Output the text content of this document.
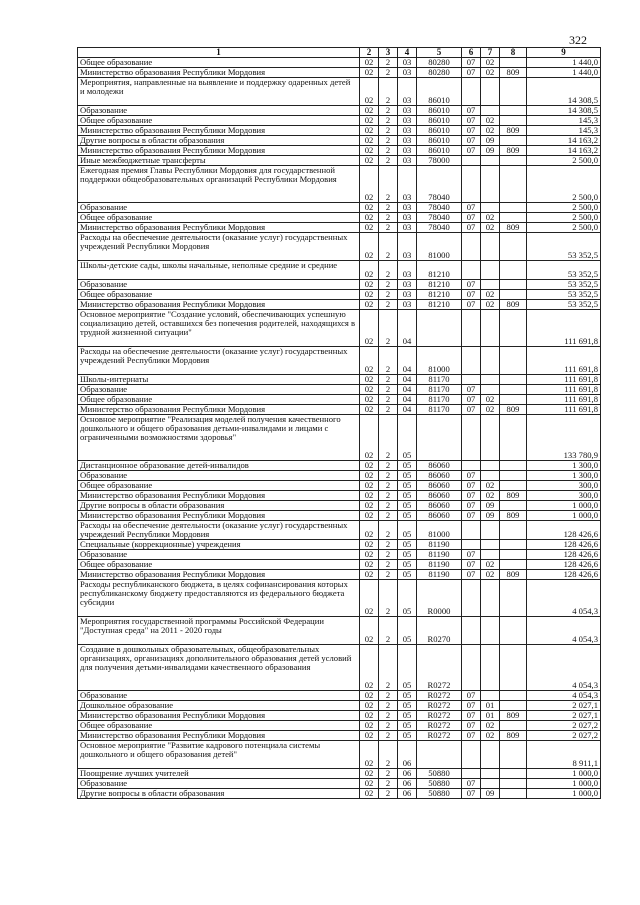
322
1	2	3	4	5	6	7	8	9
Общее образование	02	2	03	80280	07	02		1 440,0
Министерство образования Республики Мордовия	02	2	03	80280	07	02	809	1 440,0
Мероприятия, направленные на выявление и поддержку одаренных детей и молодежи	02	2	03	86010				14 308,5
Образование	02	2	03	86010	07			14 308,5
Общее образование	02	2	03	86010	07	02		145,3
Министерство образования Республики Мордовия	02	2	03	86010	07	02	809	145,3
Другие вопросы в области образования	02	2	03	86010	07	09		14 163,2
Министерство образования Республики Мордовия	02	2	03	86010	07	09	809	14 163,2
Иные межбюджетные трансферты	02	2	03	78000				2 500,0
Ежегодная премия Главы Республики Мордовия для государственной поддержки общеобразовательных организаций Республики Мордовия	02	2	03	78040				2 500,0
Образование	02	2	03	78040	07			2 500,0
Общее образование	02	2	03	78040	07	02		2 500,0
Министерство образования Республики Мордовия	02	2	03	78040	07	02	809	2 500,0
Расходы на обеспечение деятельности (оказание услуг) государственных учреждений Республики Мордовия	02	2	03	81000				53 352,5
Школы-детские сады, школы начальные, неполные средние и средние	02	2	03	81210				53 352,5
Образование	02	2	03	81210	07			53 352,5
Общее образование	02	2	03	81210	07	02		53 352,5
Министерство образования Республики Мордовия	02	2	03	81210	07	02	809	53 352,5
Основное мероприятие "Создание условий, обеспечивающих успешную социализацию детей, оставшихся без попечения родителей, находящихся в трудной жизненной ситуации"	02	2	04					111 691,8
Расходы на обеспечение деятельности (оказание услуг) государственных учреждений Республики Мордовия	02	2	04	81000				111 691,8
Школы-интернаты	02	2	04	81170				111 691,8
Образование	02	2	04	81170	07			111 691,8
Общее образование	02	2	04	81170	07	02		111 691,8
Министерство образования Республики Мордовия	02	2	04	81170	07	02	809	111 691,8
Основное мероприятие "Реализация моделей получения качественного дошкольного и общего образования детьми-инвалидами и лицами с ограниченными возможностями здоровья"	02	2	05					133 780,9
Дистанционное образование детей-инвалидов	02	2	05	86060				1 300,0
Образование	02	2	05	86060	07			1 300,0
Общее образование	02	2	05	86060	07	02		300,0
Министерство образования Республики Мордовия	02	2	05	86060	07	02	809	300,0
Другие вопросы в области образования	02	2	05	86060	07	09		1 000,0
Министерство образования Республики Мордовия	02	2	05	86060	07	09	809	1 000,0
Расходы на обеспечение деятельности (оказание услуг) государственных учреждений Республики Мордовия	02	2	05	81000				128 426,6
Специальные (коррекционные) учреждения	02	2	05	81190				128 426,6
Образование	02	2	05	81190	07			128 426,6
Общее образование	02	2	05	81190	07	02		128 426,6
Министерство образования Республики Мордовия	02	2	05	81190	07	02	809	128 426,6
Расходы республиканского бюджета, в целях софинансирования которых республиканскому бюджету предоставляются из федерального бюджета субсидии	02	2	05	R0000				4 054,3
Мероприятия государственной программы Российской Федерации "Доступная среда" на 2011 - 2020 годы	02	2	05	R0270				4 054,3
Создание в дошкольных образовательных, общеобразовательных организациях, организациях дополнительного образования детей условий для получения детьми-инвалидами качественного образования	02	2	05	R0272				4 054,3
Образование	02	2	05	R0272	07			4 054,3
Дошкольное образование	02	2	05	R0272	07	01		2 027,1
Министерство образования Республики Мордовия	02	2	05	R0272	07	01	809	2 027,1
Общее образование	02	2	05	R0272	07	02		2 027,2
Министерство образования Республики Мордовия	02	2	05	R0272	07	02	809	2 027,2
Основное мероприятие "Развитие кадрового потенциала системы дошкольного и общего образования детей"	02	2	06					8 911,1
Поощрение лучших учителей	02	2	06	50880				1 000,0
Образование	02	2	06	50880	07			1 000,0
Другие вопросы в области образования	02	2	06	50880	07	09		1 000,0
